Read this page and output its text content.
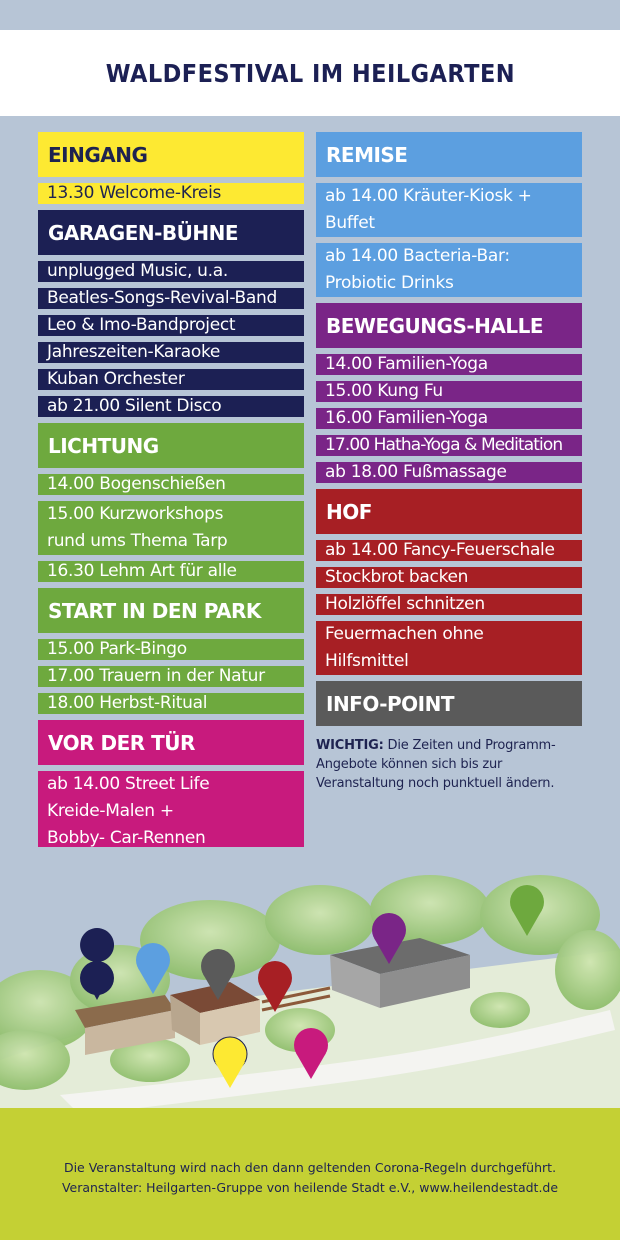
WALDFESTIVAL IM HEILGARTEN
EINGANG
13.30 Welcome-Kreis
GARAGEN-BÜHNE
unplugged Music, u.a.
Beatles-Songs-Revival-Band
Leo & Imo-Bandproject
Jahreszeiten-Karaoke
Kuban Orchester
ab 21.00 Silent Disco
LICHTUNG
14.00 Bogenschießen
15.00 Kurzworkshops
rund ums Thema Tarp
16.30 Lehm Art für alle
START IN DEN PARK
15.00 Park-Bingo
17.00 Trauern in der Natur
18.00 Herbst-Ritual
VOR DER TÜR
ab 14.00 Street Life
Kreide-Malen +
Bobby- Car-Rennen
REMISE
ab 14.00 Kräuter-Kiosk +
Buffet
ab 14.00 Bacteria-Bar:
Probiotic Drinks
BEWEGUNGS-HALLE
14.00 Familien-Yoga
15.00 Kung Fu
16.00 Familien-Yoga
17.00 Hatha-Yoga & Meditation
ab 18.00 Fußmassage
HOF
ab 14.00 Fancy-Feuerschale
Stockbrot backen
Holzlöffel schnitzen
Feuermachen ohne
Hilfsmittel
INFO-POINT
WICHTIG: Die Zeiten und Programm-Angebote können sich bis zur Veranstaltung noch punktuell ändern.
Die Veranstaltung wird nach den dann geltenden Corona-Regeln durchgeführt.
Veranstalter: Heilgarten-Gruppe von heilende Stadt e.V., www.heilendestadt.de
